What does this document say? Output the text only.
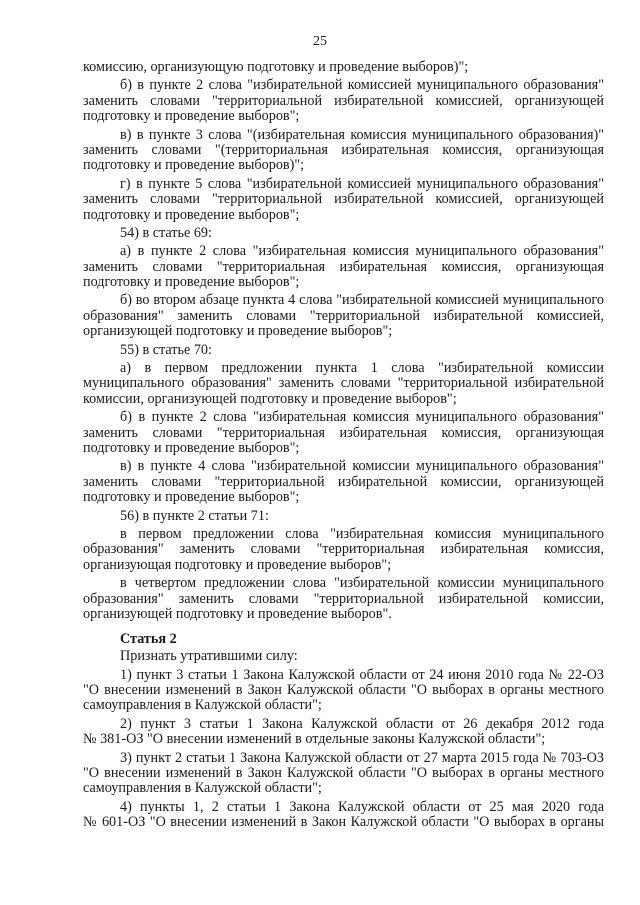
25
комиссию, организующую подготовку и проведение выборов)";
б) в пункте 2 слова "избирательной комиссией муниципального образования"
заменить словами "территориальной избирательной комиссией, организующей
подготовку и проведение выборов";
в) в пункте 3 слова "(избирательная комиссия муниципального образования)"
заменить словами "(территориальная избирательная комиссия, организующая
подготовку и проведение выборов)";
г) в пункте 5 слова "избирательной комиссией муниципального образования"
заменить словами "территориальной избирательной комиссией, организующей
подготовку и проведение выборов";
54) в статье 69:
а) в пункте 2 слова "избирательная комиссия муниципального образования"
заменить словами "территориальная избирательная комиссия, организующая
подготовку и проведение выборов";
б) во втором абзаце пункта 4 слова "избирательной комиссией муниципального
образования" заменить словами "территориальной избирательной комиссией,
организующей подготовку и проведение выборов";
55) в статье 70:
а) в первом предложении пункта 1 слова "избирательной комиссии
муниципального образования" заменить словами "территориальной избирательной
комиссии, организующей подготовку и проведение выборов";
б) в пункте 2 слова "избирательная комиссия муниципального образования"
заменить словами "территориальная избирательная комиссия, организующая
подготовку и проведение выборов";
в) в пункте 4 слова "избирательной комиссии муниципального образования"
заменить словами "территориальной избирательной комиссии, организующей
подготовку и проведение выборов";
56) в пункте 2 статьи 71:
в первом предложении слова "избирательная комиссия муниципального
образования" заменить словами "территориальная избирательная комиссия,
организующая подготовку и проведение выборов";
в четвертом предложении слова "избирательной комиссии муниципального
образования" заменить словами "территориальной избирательной комиссии,
организующей подготовку и проведение выборов".
Статья 2
Признать утратившими силу:
1) пункт 3 статьи 1 Закона Калужской области от 24 июня 2010 года № 22-ОЗ
"О внесении изменений в Закон Калужской области "О выборах в органы местного
самоуправления в Калужской области";
2) пункт 3 статьи 1 Закона Калужской области от 26 декабря 2012 года
№ 381-ОЗ "О внесении изменений в отдельные законы Калужской области";
3) пункт 2 статьи 1 Закона Калужской области от 27 марта 2015 года № 703-ОЗ
"О внесении изменений в Закон Калужской области "О выборах в органы местного
самоуправления в Калужской области";
4) пункты 1, 2 статьи 1 Закона Калужской области от 25 мая 2020 года
№ 601-ОЗ "О внесении изменений в Закон Калужской области "О выборах в органы
